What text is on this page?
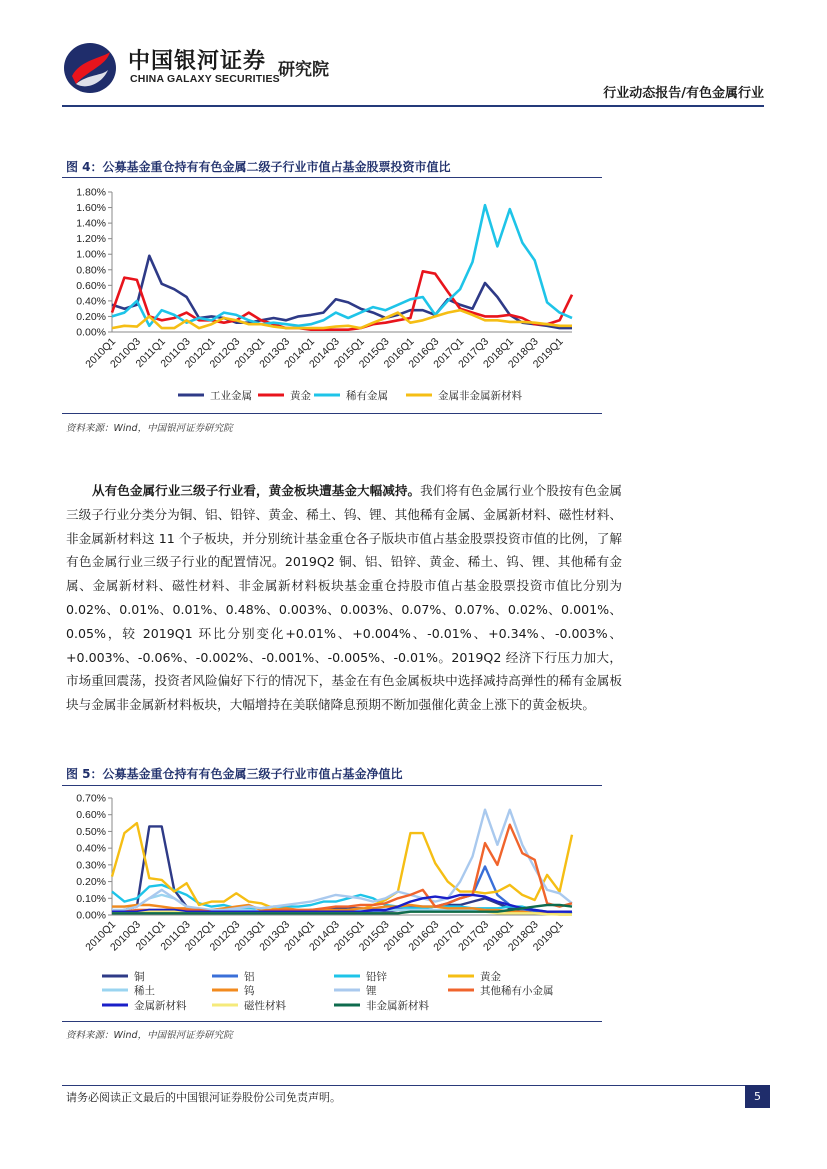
中国银河证券
CHINA GALAXY SECURITIES
研究院
行业动态报告/有色金属行业
图 4：公募基金重仓持有有色金属二级子行业市值占基金股票投资市值比
0.00%
0.20%
0.40%
0.60%
0.80%
1.00%
1.20%
1.40%
1.60%
1.80%
2010Q1
2010Q3
2011Q1
2011Q3
2012Q1
2012Q3
2013Q1
2013Q3
2014Q1
2014Q3
2015Q1
2015Q3
2016Q1
2016Q3
2017Q1
2017Q3
2018Q1
2018Q3
2019Q1
工业金属	黄金	稀有金属	金属非金属新材料
资料来源：Wind，中国银河证券研究院

从有色金属行业三级子行业看，黄金板块遭基金大幅减持。我们将有色金属行业个股按有色金属三级子行业分类分为铜、铝、铅锌、黄金、稀土、钨、锂、其他稀有金属、金属新材料、磁性材料、非金属新材料这 11 个子板块，并分别统计基金重仓各子版块市值占基金股票投资市值的比例，了解有色金属行业三级子行业的配置情况。2019Q2 铜、铝、铅锌、黄金、稀土、钨、锂、其他稀有金属、金属新材料、磁性材料、非金属新材料板块基金重仓持股市值占基金股票投资市值比分别为 0.02%、0.01%、0.01%、0.48%、0.003%、0.003%、0.07%、0.07%、0.02%、0.001%、0.05%，较 2019Q1 环比分别变化+0.01%、+0.004%、-0.01%、+0.34%、-0.003%、+0.003%、-0.06%、-0.002%、-0.001%、-0.005%、-0.01%。2019Q2 经济下行压力加大，市场重回震荡，投资者风险偏好下行的情况下，基金在有色金属板块中选择减持高弹性的稀有金属板块与金属非金属新材料板块，大幅增持在美联储降息预期不断加强催化黄金上涨下的黄金板块。

图 5：公募基金重仓持有有色金属三级子行业市值占基金净值比
0.00%
0.10%
0.20%
0.30%
0.40%
0.50%
0.60%
0.70%
2010Q1
2010Q3
2011Q1
2011Q3
2012Q1
2012Q3
2013Q1
2013Q3
2014Q1
2014Q3
2015Q1
2015Q3
2016Q1
2016Q3
2017Q1
2017Q3
2018Q1
2018Q3
2019Q1
铜	铝	铅锌	黄金
稀土	钨	锂	其他稀有小金属
金属新材料	磁性材料	非金属新材料
资料来源：Wind，中国银河证券研究院
请务必阅读正文最后的中国银河证券股份公司免责声明。	5
